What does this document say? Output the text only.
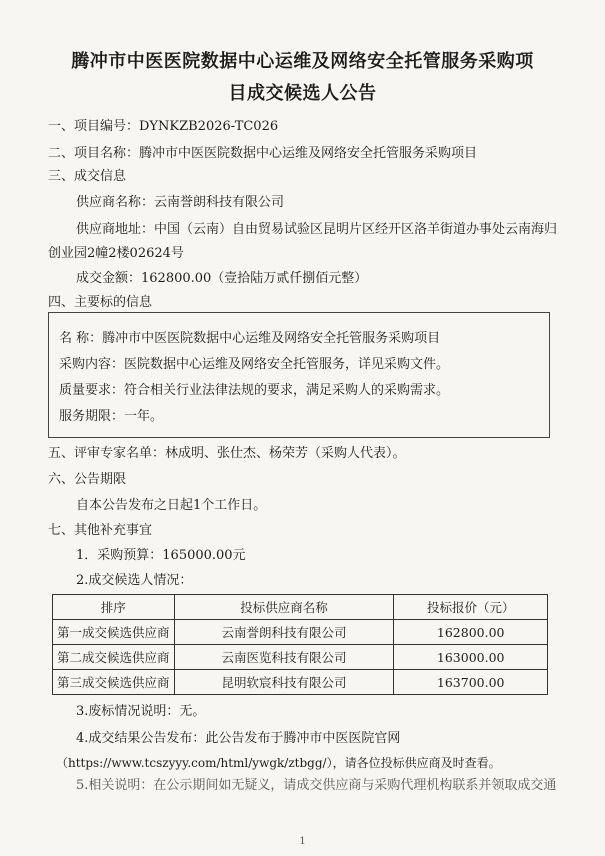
腾冲市中医医院数据中心运维及网络安全托管服务采购项
目成交候选人公告
一、项目编号：DYNKZB2026-TC026
二、项目名称：腾冲市中医医院数据中心运维及网络安全托管服务采购项目
三、成交信息
供应商名称：云南誉朗科技有限公司
供应商地址：中国（云南）自由贸易试验区昆明片区经开区洛羊街道办事处云南海归
创业园2幢2楼02624号
成交金额：162800.00（壹拾陆万贰仟捌佰元整）
四、主要标的信息
名 称：腾冲市中医医院数据中心运维及网络安全托管服务采购项目
采购内容：医院数据中心运维及网络安全托管服务，详见采购文件。
质量要求：符合相关行业法律法规的要求，满足采购人的采购需求。
服务期限：一年。
五、评审专家名单：林成明、张仕杰、杨荣芳（采购人代表）。
六、公告期限
自本公告发布之日起1个工作日。
七、其他补充事宜
1．采购预算：165000.00元
2.成交候选人情况：
排序	投标供应商名称	投标报价（元）
第一成交候选供应商	云南誉朗科技有限公司	162800.00
第二成交候选供应商	云南医览科技有限公司	163000.00
第三成交候选供应商	昆明软宸科技有限公司	163700.00
3.废标情况说明：无。
4.成交结果公告发布：此公告发布于腾冲市中医医院官网
（https://www.tcszyyy.com/html/ywgk/ztbgg/），请各位投标供应商及时查看。
5.相关说明：在公示期间如无疑义，请成交供应商与采购代理机构联系并领取成交通
1
